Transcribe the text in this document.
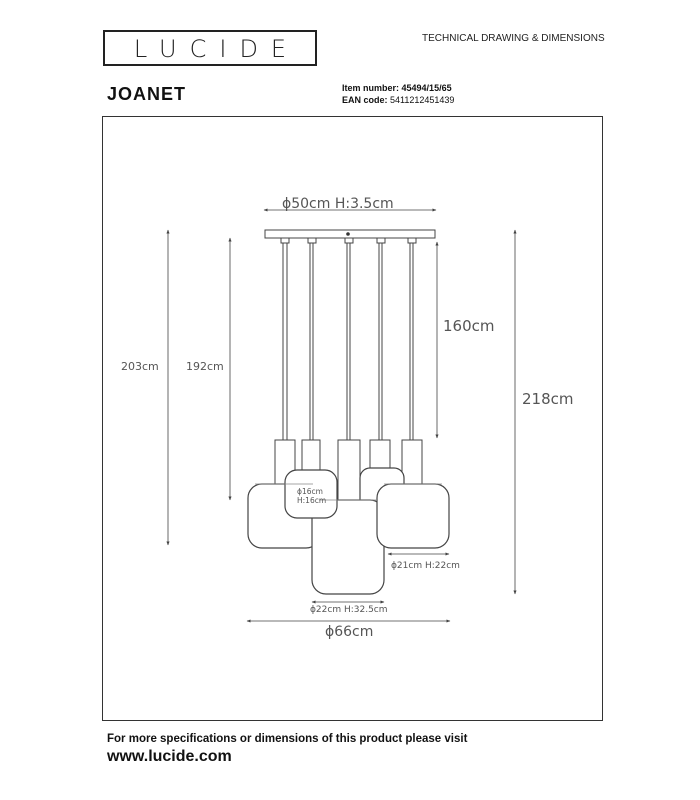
LUCIDE	TECHNICAL DRAWING & DIMENSIONS
JOANET	Item number: 45494/15/65
EAN code: 5411212451439
ϕ50cm H:3.5cm
203cm 192cm
160cm
218cm
ϕ16cm
H:16cm
ϕ21cm H:22cm
ϕ22cm H:32.5cm
ϕ66cm
For more specifications or dimensions of this product please visit
www.lucide.com
